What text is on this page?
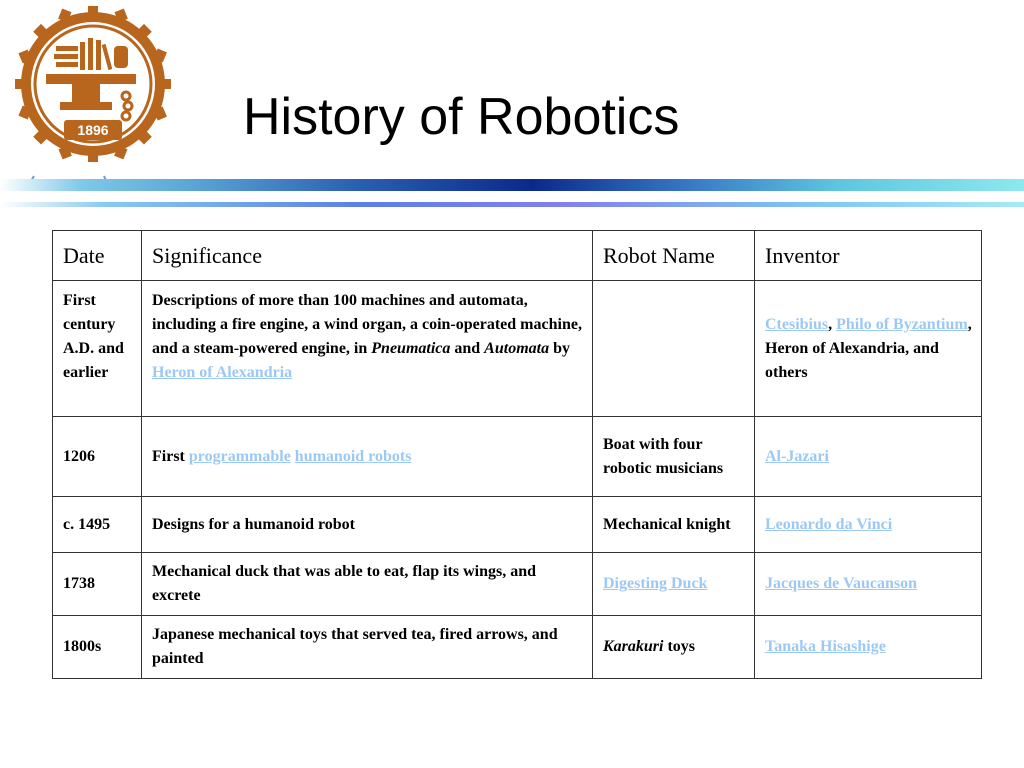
1896	History of Robotics
Date	Significance	Robot Name	Inventor
First century A.D. and earlier	Descriptions of more than 100 machines and automata, including a fire engine, a wind organ, a coin-operated machine, and a steam-powered engine, in Pneumatica and Automata by Heron of Alexandria		Ctesibius, Philo of Byzantium, Heron of Alexandria, and others
1206	First programmable humanoid robots	Boat with four robotic musicians	Al-Jazari
c. 1495	Designs for a humanoid robot	Mechanical knight	Leonardo da Vinci
1738	Mechanical duck that was able to eat, flap its wings, and excrete	Digesting Duck	Jacques de Vaucanson
1800s	Japanese mechanical toys that served tea, fired arrows, and painted	Karakuri toys	Tanaka Hisashige
